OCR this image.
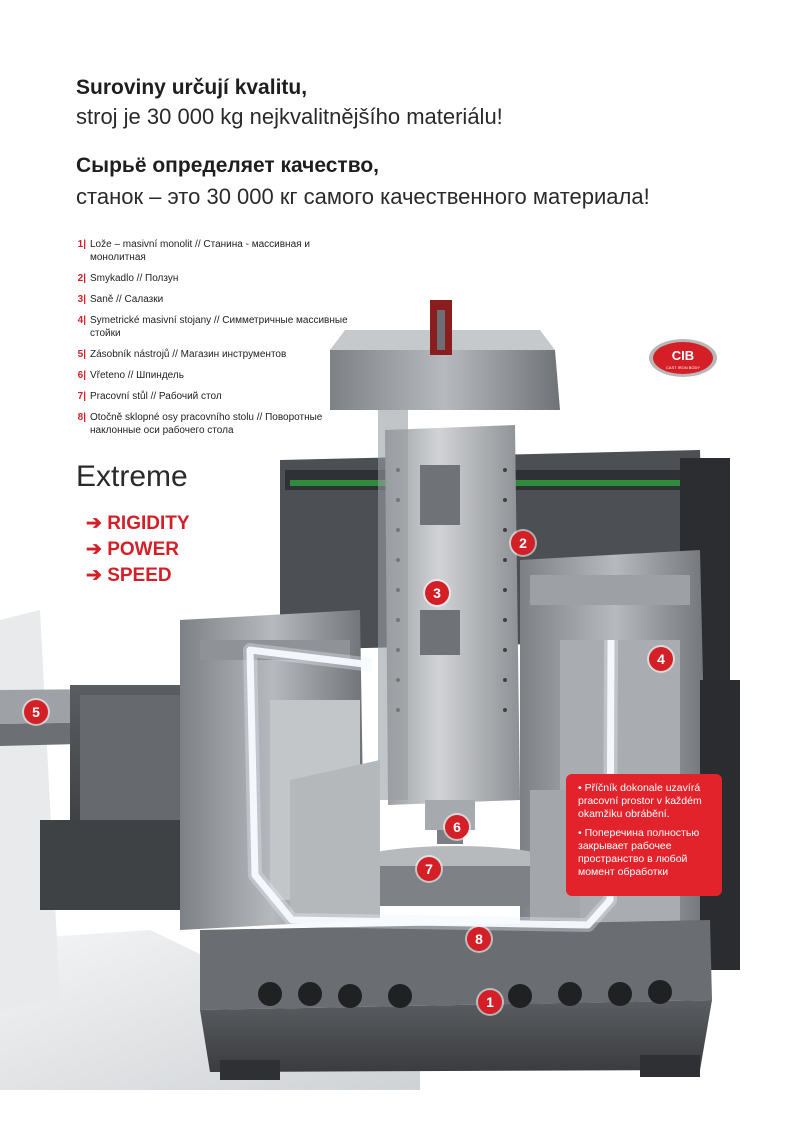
Suroviny určují kvalitu,
stroj je 30 000 kg nejkvalitnějšího materiálu!
Сырьё определяет качество,
станок – это 30 000 кг самого качественного материала!
1| Lože – masivní monolit // Станина - массивная и монолитная
2| Smykadlo // Ползун
3| Saně // Салазки
4| Symetrické masivní stojany // Симметричные массивные стойки
5| Zásobník nástrojů // Магазин инструментов
6| Vřeteno // Шпиндель
7| Pracovní stůl // Рабочий стол
8| Otočně sklopné osy pracovního stolu // Поворотные наклонные оси рабочего стола
CIB
CAST IRON BODY
Extreme
➔ RIGIDITY
➔ POWER
➔ SPEED
1
2
3
4
5
6
7
8

• Příčník dokonale uzavírá pracovní prostor v každém okamžiku obrábění.

• Поперечина полностью закрывает рабочее пространство в любой момент обработки
